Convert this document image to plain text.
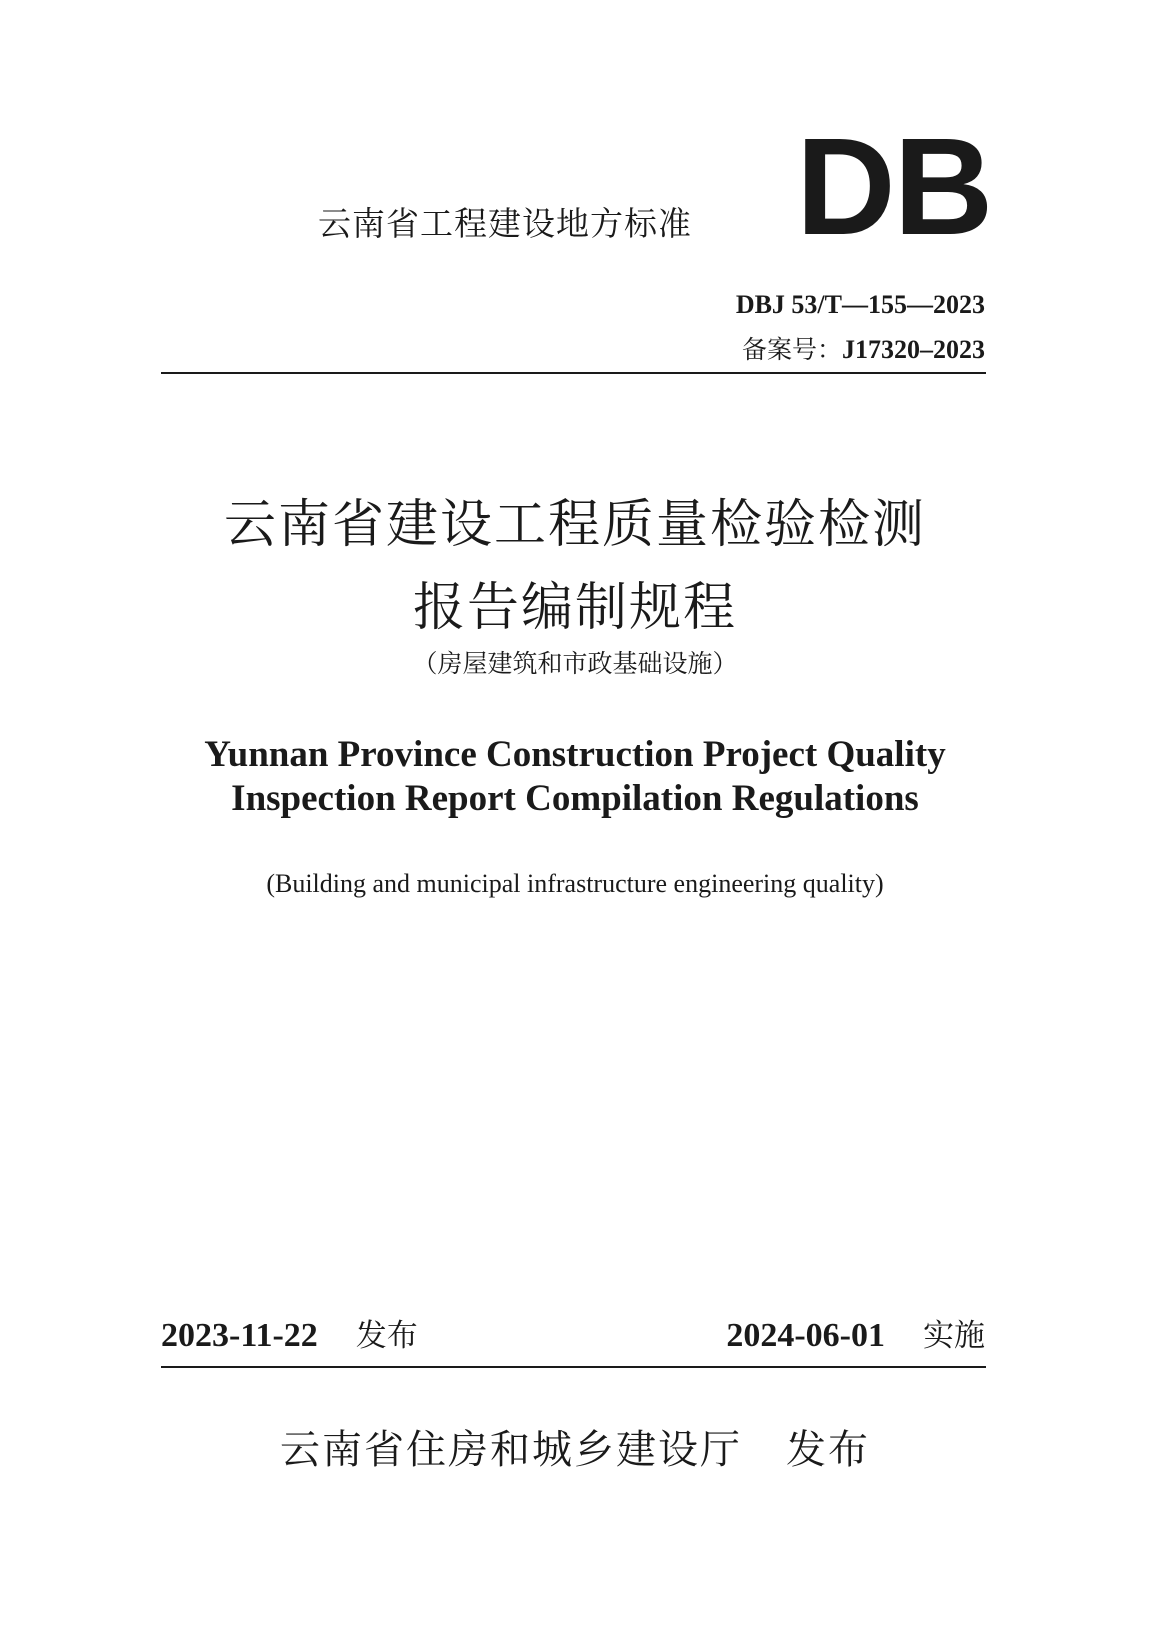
云南省工程建设地方标准 DB
DBJ 53/T—155—2023
备案号：J17320–2023
云南省建设工程质量检验检测
报告编制规程
（房屋建筑和市政基础设施）
Yunnan Province Construction Project Quality
Inspection Report Compilation Regulations
(Building and municipal infrastructure engineering quality)
2023-11-22 发布	2024-06-01 实施
云南省住房和城乡建设厅 发布
